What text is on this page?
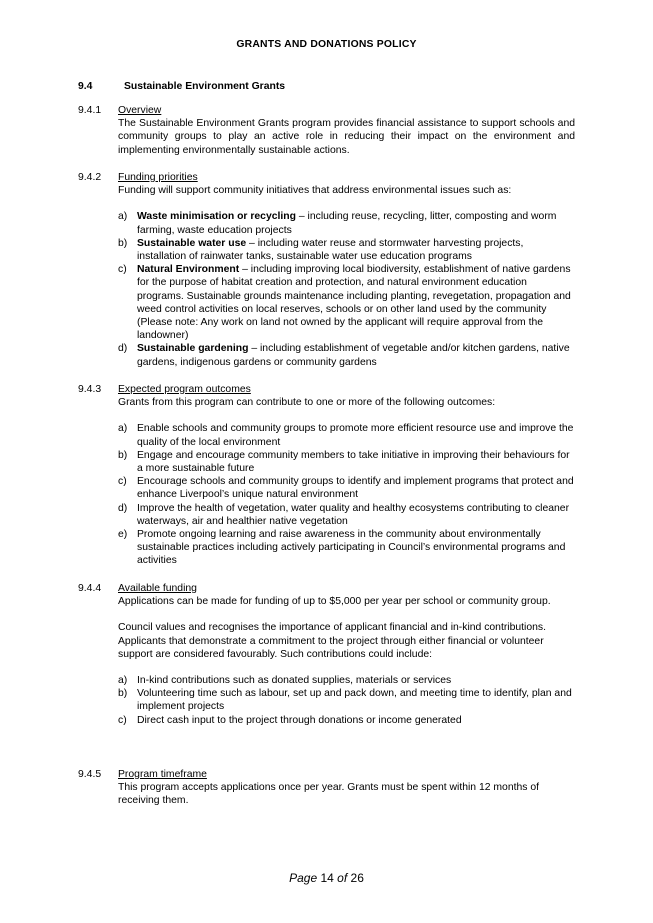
GRANTS AND DONATIONS POLICY
9.4	Sustainable Environment Grants
9.4.1	Overview
The Sustainable Environment Grants program provides financial assistance to support schools and community groups to play an active role in reducing their impact on the environment and implementing environmentally sustainable actions.
9.4.2	Funding priorities
Funding will support community initiatives that address environmental issues such as:
a) Waste minimisation or recycling – including reuse, recycling, litter, composting and worm farming, waste education projects
b) Sustainable water use – including water reuse and stormwater harvesting projects, installation of rainwater tanks, sustainable water use education programs
c) Natural Environment – including improving local biodiversity, establishment of native gardens for the purpose of habitat creation and protection, and natural environment education programs. Sustainable grounds maintenance including planting, revegetation, propagation and weed control activities on local reserves, schools or on other land used by the community (Please note: Any work on land not owned by the applicant will require approval from the landowner)
d) Sustainable gardening – including establishment of vegetable and/or kitchen gardens, native gardens, indigenous gardens or community gardens
9.4.3	Expected program outcomes
Grants from this program can contribute to one or more of the following outcomes:
a) Enable schools and community groups to promote more efficient resource use and improve the quality of the local environment
b) Engage and encourage community members to take initiative in improving their behaviours for a more sustainable future
c) Encourage schools and community groups to identify and implement programs that protect and enhance Liverpool’s unique natural environment
d) Improve the health of vegetation, water quality and healthy ecosystems contributing to cleaner waterways, air and healthier native vegetation
e) Promote ongoing learning and raise awareness in the community about environmentally sustainable practices including actively participating in Council’s environmental programs and activities
9.4.4	Available funding
Applications can be made for funding of up to $5,000 per year per school or community group.
Council values and recognises the importance of applicant financial and in-kind contributions. Applicants that demonstrate a commitment to the project through either financial or volunteer support are considered favourably. Such contributions could include:
a) In-kind contributions such as donated supplies, materials or services
b) Volunteering time such as labour, set up and pack down, and meeting time to identify, plan and implement projects
c) Direct cash input to the project through donations or income generated
9.4.5	Program timeframe
This program accepts applications once per year. Grants must be spent within 12 months of receiving them.
Page 14 of 26
